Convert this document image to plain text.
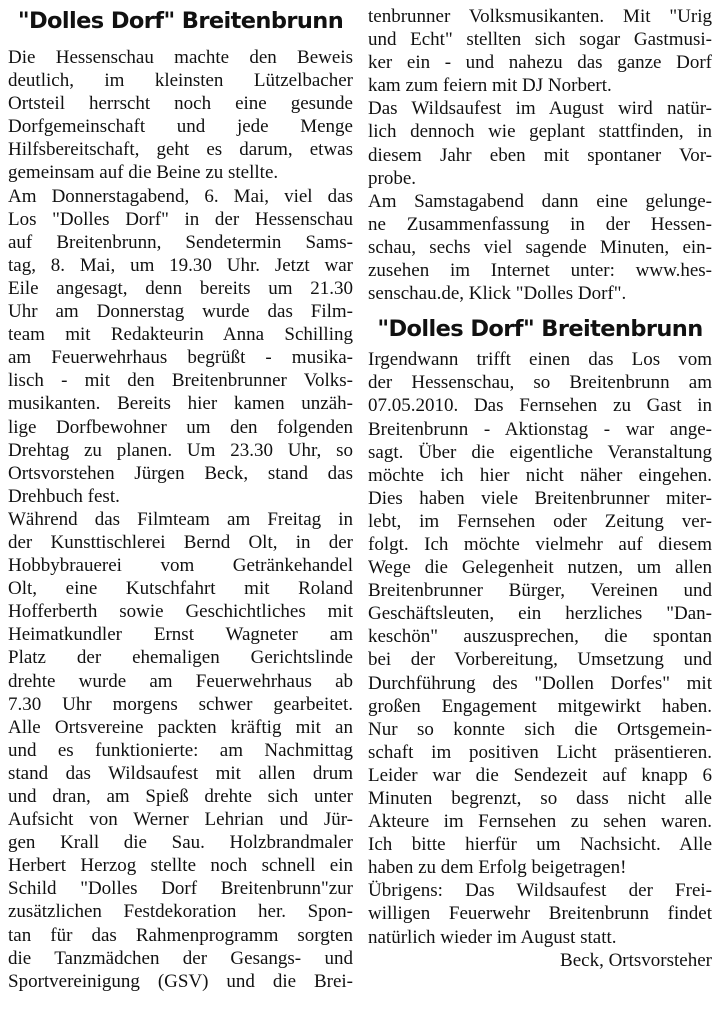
"Dolles Dorf" Breitenbrunn
Die Hessenschau machte den Beweis
deutlich, im kleinsten Lützelbacher
Ortsteil herrscht noch eine gesunde
Dorfgemeinschaft und jede Menge
Hilfsbereitschaft, geht es darum, etwas
gemeinsam auf die Beine zu stellte.
Am Donnerstagabend, 6. Mai, viel das
Los "Dolles Dorf" in der Hessenschau
auf Breitenbrunn, Sendetermin Sams-
tag, 8. Mai, um 19.30 Uhr. Jetzt war
Eile angesagt, denn bereits um 21.30
Uhr am Donnerstag wurde das Film-
team mit Redakteurin Anna Schilling
am Feuerwehrhaus begrüßt - musika-
lisch - mit den Breitenbrunner Volks-
musikanten. Bereits hier kamen unzäh-
lige Dorfbewohner um den folgenden
Drehtag zu planen. Um 23.30 Uhr, so
Ortsvorstehen Jürgen Beck, stand das
Drehbuch fest.
Während das Filmteam am Freitag in
der Kunsttischlerei Bernd Olt, in der
Hobbybrauerei vom Getränkehandel
Olt, eine Kutschfahrt mit Roland
Hofferberth sowie Geschichtliches mit
Heimatkundler Ernst Wagneter am
Platz der ehemaligen Gerichtslinde
drehte wurde am Feuerwehrhaus ab
7.30 Uhr morgens schwer gearbeitet.
Alle Ortsvereine packten kräftig mit an
und es funktionierte: am Nachmittag
stand das Wildsaufest mit allen drum
und dran, am Spieß drehte sich unter
Aufsicht von Werner Lehrian und Jür-
gen Krall die Sau. Holzbrandmaler
Herbert Herzog stellte noch schnell ein
Schild "Dolles Dorf Breitenbrunn"zur
zusätzlichen Festdekoration her. Spon-
tan für das Rahmenprogramm sorgten
die Tanzmädchen der Gesangs- und
Sportvereinigung (GSV) und die Brei-
tenbrunner Volksmusikanten. Mit "Urig
und Echt" stellten sich sogar Gastmusi-
ker ein - und nahezu das ganze Dorf
kam zum feiern mit DJ Norbert.
Das Wildsaufest im August wird natür-
lich dennoch wie geplant stattfinden, in
diesem Jahr eben mit spontaner Vor-
probe.
Am Samstagabend dann eine gelunge-
ne Zusammenfassung in der Hessen-
schau, sechs viel sagende Minuten, ein-
zusehen im Internet unter: www.hes-
senschau.de, Klick "Dolles Dorf".
"Dolles Dorf" Breitenbrunn
Irgendwann trifft einen das Los vom
der Hessenschau, so Breitenbrunn am
07.05.2010. Das Fernsehen zu Gast in
Breitenbrunn - Aktionstag - war ange-
sagt. Über die eigentliche Veranstaltung
möchte ich hier nicht näher eingehen.
Dies haben viele Breitenbrunner miter-
lebt, im Fernsehen oder Zeitung ver-
folgt. Ich möchte vielmehr auf diesem
Wege die Gelegenheit nutzen, um allen
Breitenbrunner Bürger, Vereinen und
Geschäftsleuten, ein herzliches "Dan-
keschön" auszusprechen, die spontan
bei der Vorbereitung, Umsetzung und
Durchführung des "Dollen Dorfes" mit
großen Engagement mitgewirkt haben.
Nur so konnte sich die Ortsgemein-
schaft im positiven Licht präsentieren.
Leider war die Sendezeit auf knapp 6
Minuten begrenzt, so dass nicht alle
Akteure im Fernsehen zu sehen waren.
Ich bitte hierfür um Nachsicht. Alle
haben zu dem Erfolg beigetragen!
Übrigens: Das Wildsaufest der Frei-
willigen Feuerwehr Breitenbrunn findet
natürlich wieder im August statt.
Beck, Ortsvorsteher
